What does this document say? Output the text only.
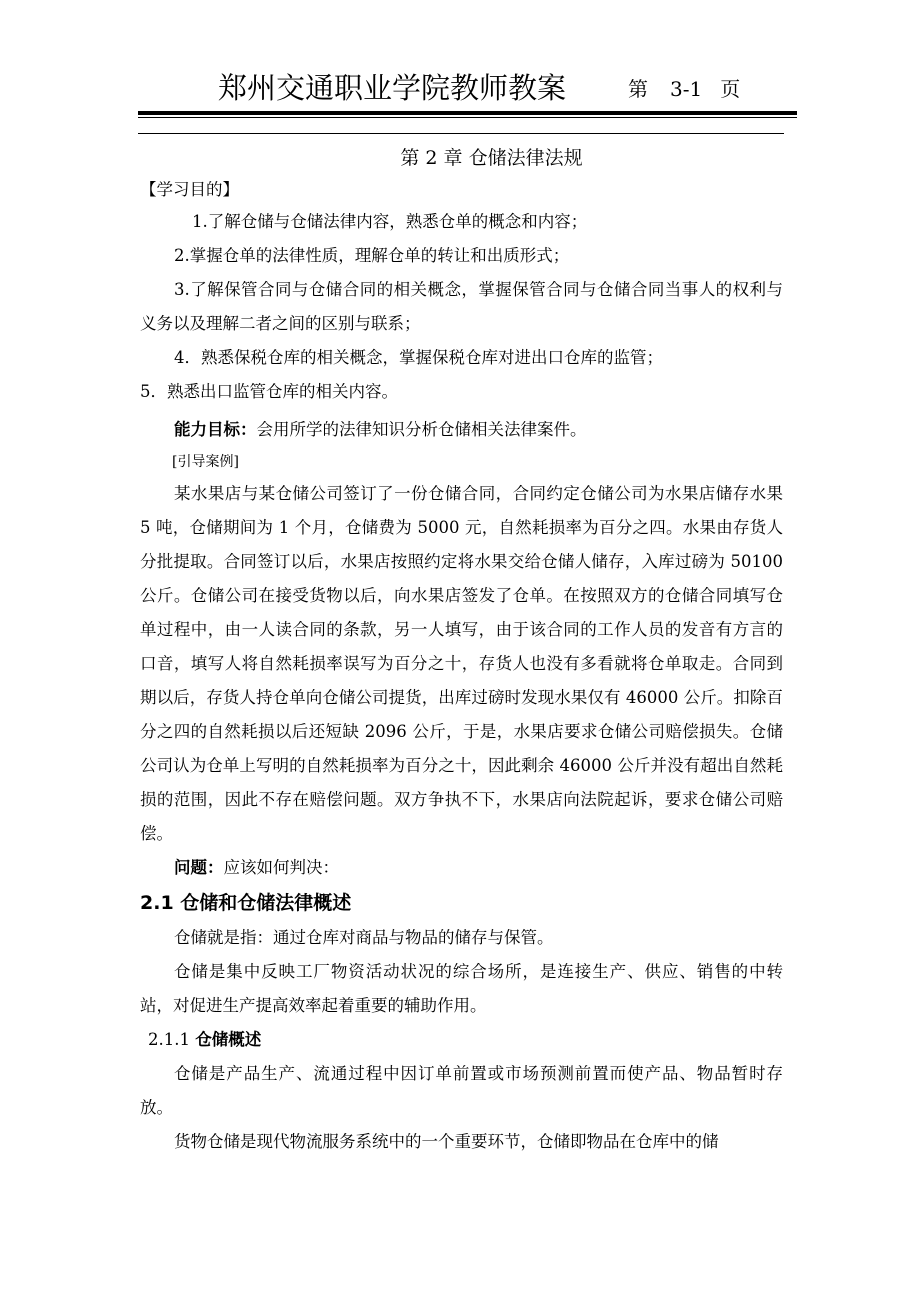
郑州交通职业学院教师教案	第 3-1 页

第 2 章 仓储法律法规

【学习目的】

1.了解仓储与仓储法律内容，熟悉仓单的概念和内容；

2.掌握仓单的法律性质，理解仓单的转让和出质形式；

3.了解保管合同与仓储合同的相关概念，掌握保管合同与仓储合同当事人的权利与义务以及理解二者之间的区别与联系；

4．熟悉保税仓库的相关概念，掌握保税仓库对进出口仓库的监管；

5．熟悉出口监管仓库的相关内容。

能力目标：会用所学的法律知识分析仓储相关法律案件。

[引导案例]

某水果店与某仓储公司签订了一份仓储合同，合同约定仓储公司为水果店储存水果 5 吨，仓储期间为 1 个月，仓储费为 5000 元，自然耗损率为百分之四。水果由存货人分批提取。合同签订以后，水果店按照约定将水果交给仓储人储存，入库过磅为 50100 公斤。仓储公司在接受货物以后，向水果店签发了仓单。在按照双方的仓储合同填写仓单过程中，由一人读合同的条款，另一人填写，由于该合同的工作人员的发音有方言的口音，填写人将自然耗损率误写为百分之十，存货人也没有多看就将仓单取走。合同到期以后，存货人持仓单向仓储公司提货，出库过磅时发现水果仅有 46000 公斤。扣除百分之四的自然耗损以后还短缺 2096 公斤，于是，水果店要求仓储公司赔偿损失。仓储公司认为仓单上写明的自然耗损率为百分之十，因此剩余 46000 公斤并没有超出自然耗损的范围，因此不存在赔偿问题。双方争执不下，水果店向法院起诉，要求仓储公司赔偿。

问题：应该如何判决：

2.1 仓储和仓储法律概述

仓储就是指：通过仓库对商品与物品的储存与保管。

仓储是集中反映工厂物资活动状况的综合场所，是连接生产、供应、销售的中转站，对促进生产提高效率起着重要的辅助作用。

2.1.1 仓储概述

仓储是产品生产、流通过程中因订单前置或市场预测前置而使产品、物品暂时存放。

货物仓储是现代物流服务系统中的一个重要环节，仓储即物品在仓库中的储
